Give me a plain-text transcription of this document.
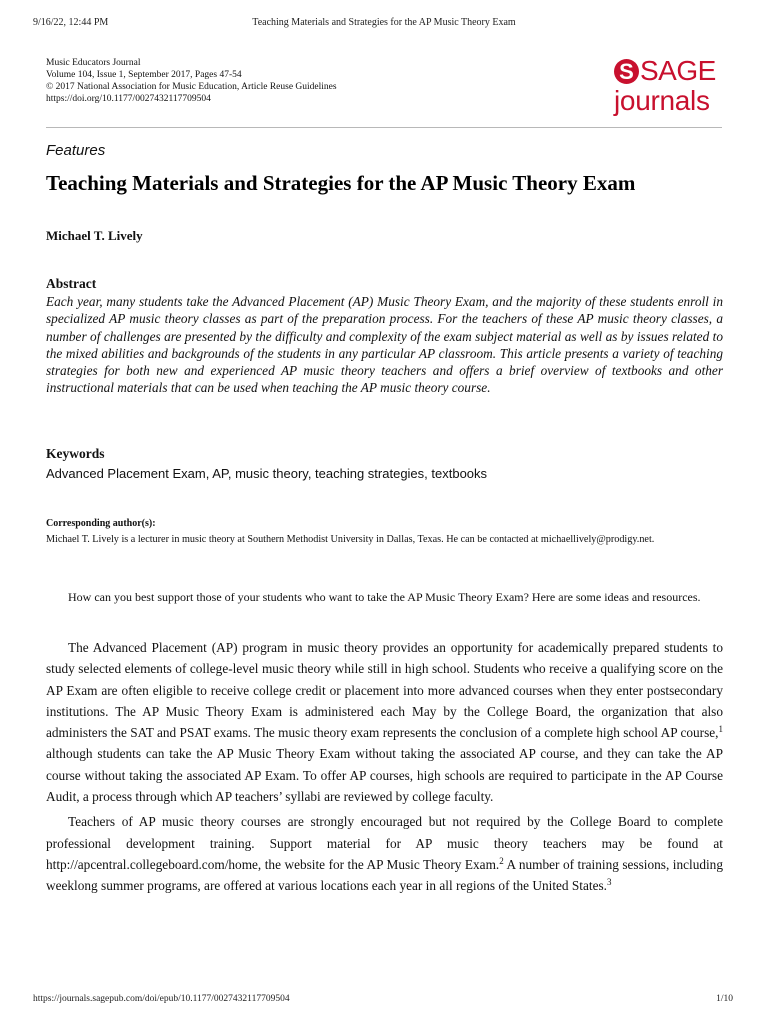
9/16/22, 12:44 PM	Teaching Materials and Strategies for the AP Music Theory Exam
Music Educators Journal
Volume 104, Issue 1, September 2017, Pages 47-54
© 2017 National Association for Music Education, Article Reuse Guidelines
https://doi.org/10.1177/0027432117709504
S SAGE
journals
Features
Teaching Materials and Strategies for the AP Music Theory Exam
Michael T. Lively
Abstract

Each year, many students take the Advanced Placement (AP) Music Theory Exam, and the majority of these students enroll in specialized AP music theory classes as part of the preparation process. For the teachers of these AP music theory classes, a number of challenges are presented by the difficulty and complexity of the exam subject material as well as by issues related to the mixed abilities and backgrounds of the students in any particular AP classroom. This article presents a variety of teaching strategies for both new and experienced AP music theory teachers and offers a brief overview of textbooks and other instructional materials that can be used when teaching the AP music theory course.

Keywords
Advanced Placement Exam, AP, music theory, teaching strategies, textbooks
Corresponding author(s):

Michael T. Lively is a lecturer in music theory at Southern Methodist University in Dallas, Texas. He can be contacted at michaellively@prodigy.net.

How can you best support those of your students who want to take the AP Music Theory Exam? Here are some ideas and resources.

The Advanced Placement (AP) program in music theory provides an opportunity for academically prepared students to study selected elements of college-level music theory while still in high school. Students who receive a qualifying score on the AP Exam are often eligible to receive college credit or placement into more advanced courses when they enter postsecondary institutions. The AP Music Theory Exam is administered each May by the College Board, the organization that also administers the SAT and PSAT exams. The music theory exam represents the conclusion of a complete high school AP course,$^1$ although students can take the AP Music Theory Exam without taking the associated AP course, and they can take the AP course without taking the associated AP Exam. To offer AP courses, high schools are required to participate in the AP Course Audit, a process through which AP teachers’ syllabi are reviewed by college faculty.

Teachers of AP music theory courses are strongly encouraged but not required by the College Board to complete professional development training. Support material for AP music theory teachers may be found at http://apcentral.collegeboard.com/home, the website for the AP Music Theory Exam.$^2$ A number of training sessions, including weeklong summer programs, are offered at various locations each year in all regions of the United States.$^3$

https://journals.sagepub.com/doi/epub/10.1177/0027432117709504	1/10
